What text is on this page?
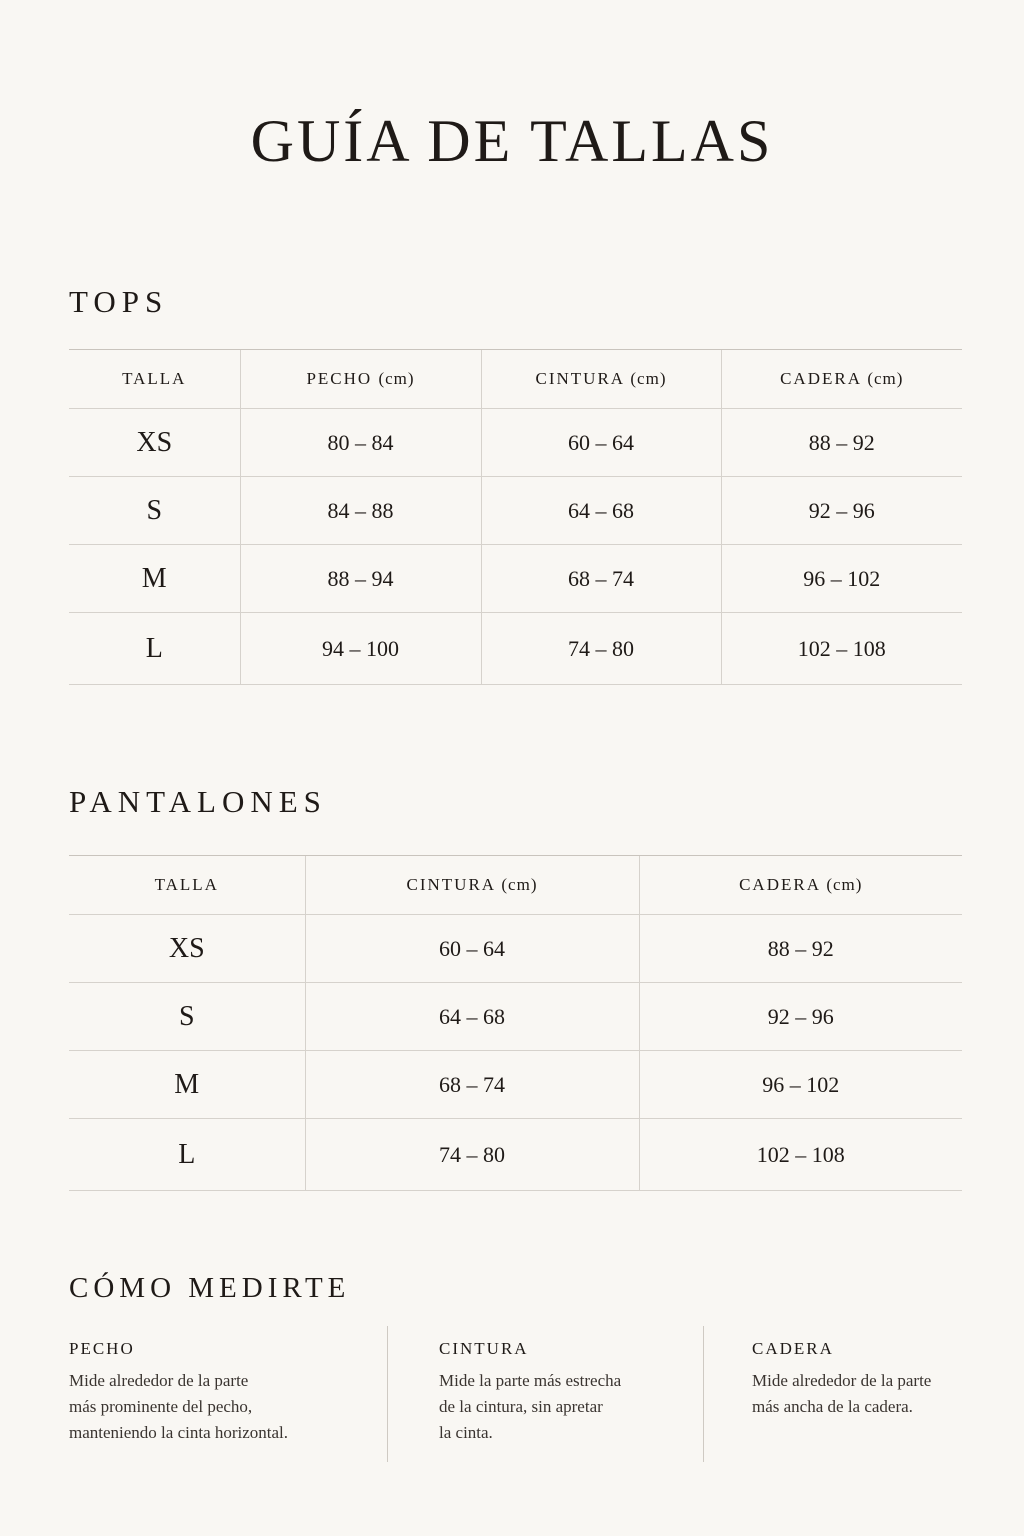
GUÍA DE TALLAS
TOPS
TALLA	PECHO (cm)	CINTURA (cm)	CADERA (cm)
XS	80 – 84	60 – 64	88 – 92
S	84 – 88	64 – 68	92 – 96
M	88 – 94	68 – 74	96 – 102
L	94 – 100	74 – 80	102 – 108
PANTALONES
TALLA	CINTURA (cm)	CADERA (cm)
XS	60 – 64	88 – 92
S	64 – 68	92 – 96
M	68 – 74	96 – 102
L	74 – 80	102 – 108
CÓMO MEDIRTE
PECHO
Mide alrededor de la parte
más prominente del pecho,
manteniendo la cinta horizontal.
CINTURA
Mide la parte más estrecha
de la cintura, sin apretar
la cinta.
CADERA
Mide alrededor de la parte
más ancha de la cadera.
